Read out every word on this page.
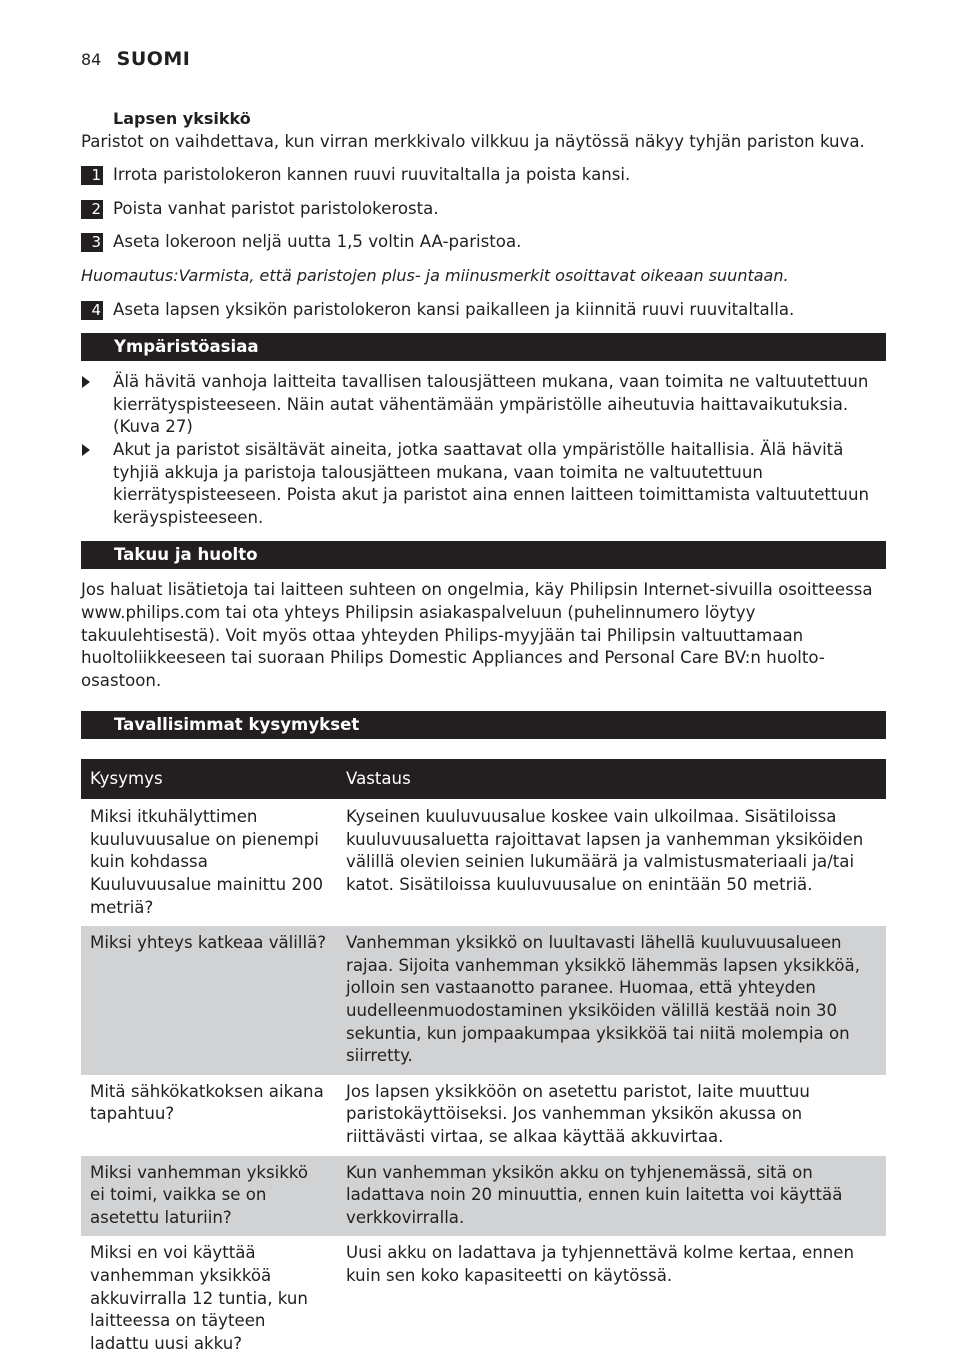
84 SUOMI
Lapsen yksikkö

Paristot on vaihdettava, kun virran merkkivalo vilkkuu ja näytössä näkyy tyhjän pariston kuva.

1 Irrota paristolokeron kannen ruuvi ruuvitaltalla ja poista kansi.
2 Poista vanhat paristot paristolokerosta.
3 Aseta lokeroon neljä uutta 1,5 voltin AA-paristoa.
Huomautus:Varmista, että paristojen plus- ja miinusmerkit osoittavat oikeaan suuntaan.
4 Aseta lapsen yksikön paristolokeron kansi paikalleen ja kiinnitä ruuvi ruuvitaltalla.
Ympäristöasiaa
Älä hävitä vanhoja laitteita tavallisen talousjätteen mukana, vaan toimita ne valtuutettuun kierrätyspisteeseen. Näin autat vähentämään ympäristölle aiheutuvia haittavaikutuksia. (Kuva 27)
Akut ja paristot sisältävät aineita, jotka saattavat olla ympäristölle haitallisia. Älä hävitä tyhjiä akkuja ja paristoja talousjätteen mukana, vaan toimita ne valtuutettuun kierrätyspisteeseen. Poista akut ja paristot aina ennen laitteen toimittamista valtuutettuun keräyspisteeseen.
Takuu ja huolto

Jos haluat lisätietoja tai laitteen suhteen on ongelmia, käy Philipsin Internet-sivuilla osoitteessa www.philips.com tai ota yhteys Philipsin asiakaspalveluun (puhelinnumero löytyy takuulehtisestä). Voit myös ottaa yhteyden Philips-myyjään tai Philipsin valtuuttamaan huoltoliikkeeseen tai suoraan Philips Domestic Appliances and Personal Care BV:n huolto-osastoon.

Tavallisimmat kysymykset
Kysymys	Vastaus
Miksi itkuhälyttimen kuuluvuusalue on pienempi kuin kohdassa Kuuluvuusalue mainittu 200 metriä?	Kyseinen kuuluvuusalue koskee vain ulkoilmaa. Sisätiloissa kuuluvuusaluetta rajoittavat lapsen ja vanhemman yksiköiden välillä olevien seinien lukumäärä ja valmistusmateriaali ja/tai katot. Sisätiloissa kuuluvuusalue on enintään 50 metriä.
Miksi yhteys katkeaa välillä?	Vanhemman yksikkö on luultavasti lähellä kuuluvuusalueen rajaa. Sijoita vanhemman yksikkö lähemmäs lapsen yksikköä, jolloin sen vastaanotto paranee. Huomaa, että yhteyden uudelleenmuodostaminen yksiköiden välillä kestää noin 30 sekuntia, kun jompaakumpaa yksikköä tai niitä molempia on siirretty.
Mitä sähkökatkoksen aikana tapahtuu?	Jos lapsen yksikköön on asetettu paristot, laite muuttuu paristokäyttöiseksi. Jos vanhemman yksikön akussa on riittävästi virtaa, se alkaa käyttää akkuvirtaa.
Miksi vanhemman yksikkö ei toimi, vaikka se on asetettu laturiin?	Kun vanhemman yksikön akku on tyhjenemässä, sitä on ladattava noin 20 minuuttia, ennen kuin laitetta voi käyttää verkkovirralla.
Miksi en voi käyttää vanhemman yksikköä akkuvirralla 12 tuntia, kun laitteessa on täyteen ladattu uusi akku?	Uusi akku on ladattava ja tyhjennettävä kolme kertaa, ennen kuin sen koko kapasiteetti on käytössä.
